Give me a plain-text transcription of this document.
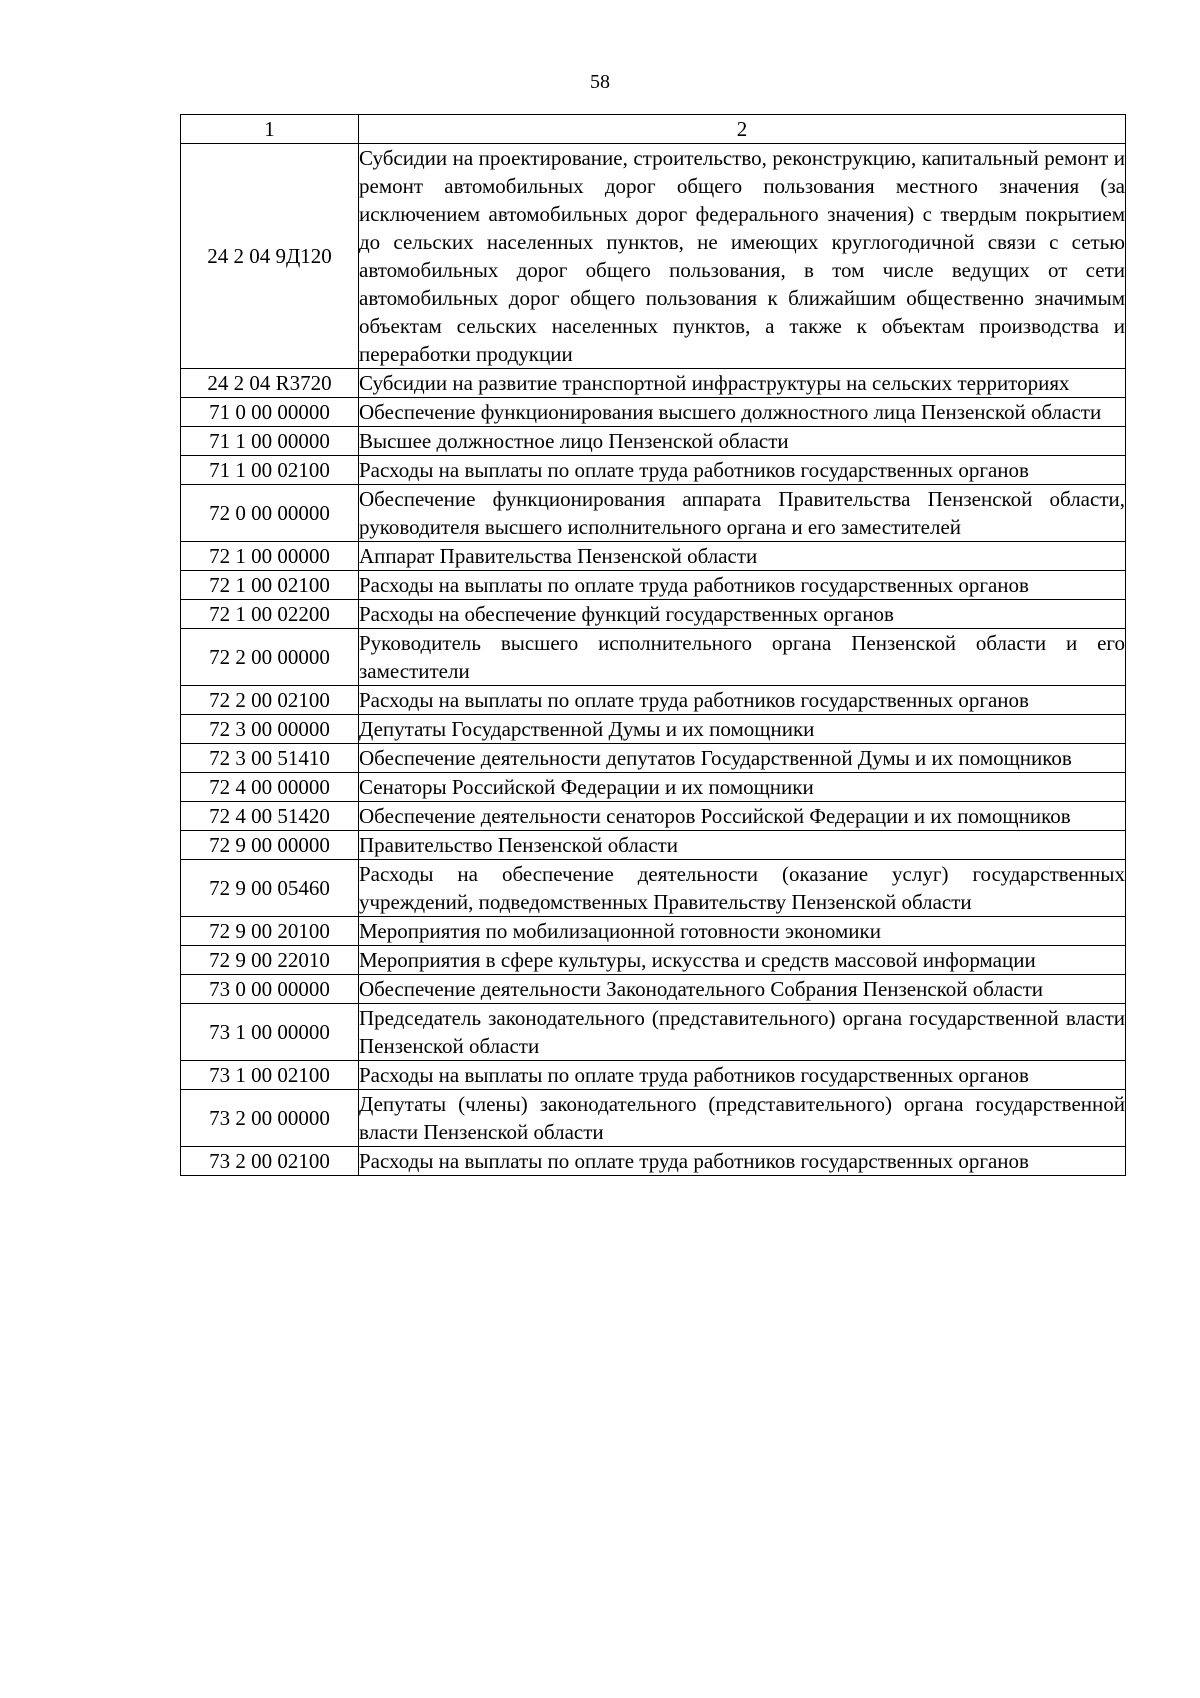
58
1	2
24 2 04 9Д120	Субсидии на проектирование, строительство, реконструкцию, капитальный ремонт и ремонт автомобильных дорог общего пользования местного значения (за исключением автомобильных дорог федерального значения) с твердым покрытием до сельских населенных пунктов, не имеющих круглогодичной связи с сетью автомобильных дорог общего пользования, в том числе ведущих от сети автомобильных дорог общего пользования к ближайшим общественно значимым объектам сельских населенных пунктов, а также к объектам производства и переработки продукции
24 2 04 R3720	Субсидии на развитие транспортной инфраструктуры на сельских территориях
71 0 00 00000	Обеспечение функционирования высшего должностного лица Пензенской области
71 1 00 00000	Высшее должностное лицо Пензенской области
71 1 00 02100	Расходы на выплаты по оплате труда работников государственных органов
72 0 00 00000	Обеспечение функционирования аппарата Правительства Пензенской области, руководителя высшего исполнительного органа и его заместителей
72 1 00 00000	Аппарат Правительства Пензенской области
72 1 00 02100	Расходы на выплаты по оплате труда работников государственных органов
72 1 00 02200	Расходы на обеспечение функций государственных органов
72 2 00 00000	Руководитель высшего исполнительного органа Пензенской области и его заместители
72 2 00 02100	Расходы на выплаты по оплате труда работников государственных органов
72 3 00 00000	Депутаты Государственной Думы и их помощники
72 3 00 51410	Обеспечение деятельности депутатов Государственной Думы и их помощников
72 4 00 00000	Сенаторы Российской Федерации и их помощники
72 4 00 51420	Обеспечение деятельности сенаторов Российской Федерации и их помощников
72 9 00 00000	Правительство Пензенской области
72 9 00 05460	Расходы на обеспечение деятельности (оказание услуг) государственных учреждений, подведомственных Правительству Пензенской области
72 9 00 20100	Мероприятия по мобилизационной готовности экономики
72 9 00 22010	Мероприятия в сфере культуры, искусства и средств массовой информации
73 0 00 00000	Обеспечение деятельности Законодательного Собрания Пензенской области
73 1 00 00000	Председатель законодательного (представительного) органа государственной власти Пензенской области
73 1 00 02100	Расходы на выплаты по оплате труда работников государственных органов
73 2 00 00000	Депутаты (члены) законодательного (представительного) органа государственной власти Пензенской области
73 2 00 02100	Расходы на выплаты по оплате труда работников государственных органов
